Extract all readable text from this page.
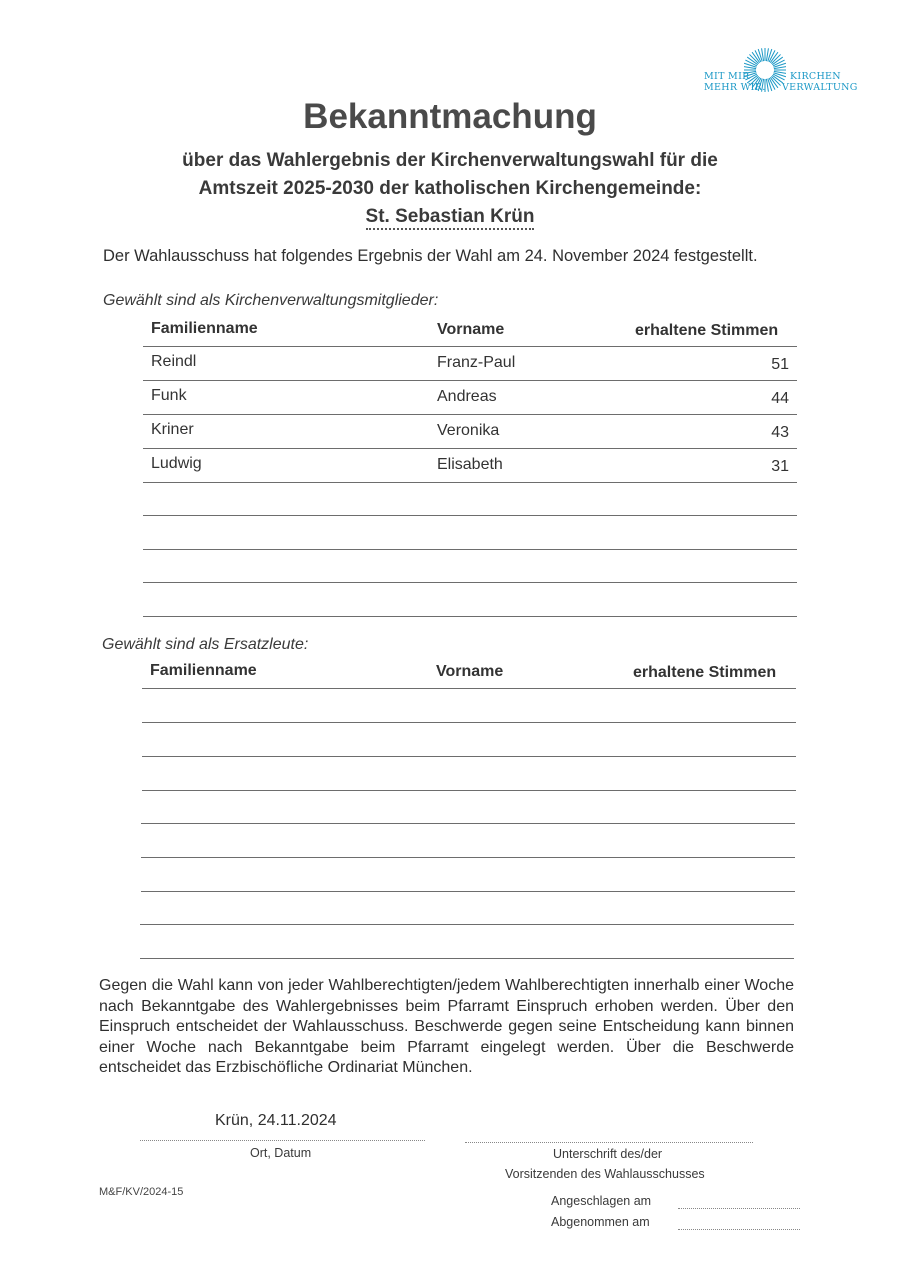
MIT MIR
MEHR WIR.
KIRCHEN
VERWALTUNG
Bekanntmachung
über das Wahlergebnis der Kirchenverwaltungswahl für die
Amtszeit 2025-2030 der katholischen Kirchengemeinde:
St. Sebastian Krün
Der Wahlausschuss hat folgendes Ergebnis der Wahl am 24. November 2024 festgestellt.
Gewählt sind als Kirchenverwaltungsmitglieder:
Familienname	Vorname	erhaltene Stimmen
Reindl	Franz-Paul	51
Funk	Andreas	44
Kriner	Veronika	43
Ludwig	Elisabeth	31
Gewählt sind als Ersatzleute:
Familienname	Vorname	erhaltene Stimmen
Gegen die Wahl kann von jeder Wahlberechtigten/jedem Wahlberechtigten innerhalb einer Woche nach Bekanntgabe des Wahlergebnisses beim Pfarramt Einspruch erhoben werden. Über den Einspruch entscheidet der Wahlausschuss. Beschwerde gegen seine Entscheidung kann binnen einer Woche nach Bekanntgabe beim Pfarramt eingelegt werden. Über die Beschwerde entscheidet das Erzbischöfliche Ordinariat München.
Krün, 24.11.2024
Ort, Datum	Unterschrift des/der
Vorsitzenden des Wahlausschusses
M&F/KV/2024-15
Angeschlagen am
Abgenommen am
